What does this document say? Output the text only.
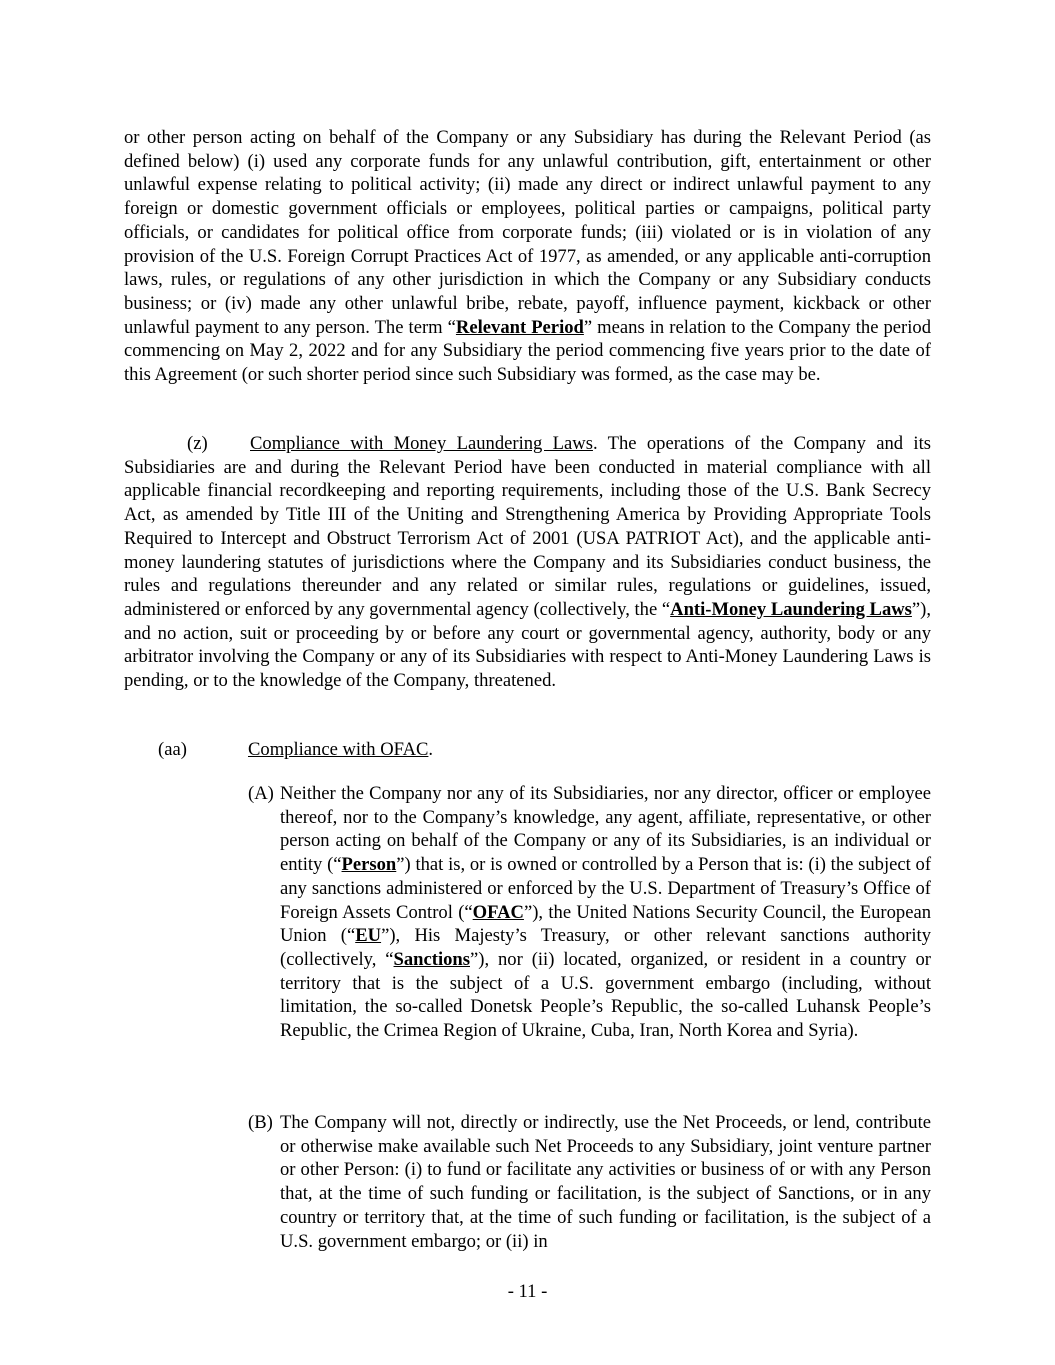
or other person acting on behalf of the Company or any Subsidiary has during the Relevant Period (as defined below) (i) used any corporate funds for any unlawful contribution, gift, entertainment or other unlawful expense relating to political activity; (ii) made any direct or indirect unlawful payment to any foreign or domestic government officials or employees, political parties or campaigns, political party officials, or candidates for political office from corporate funds; (iii) violated or is in violation of any provision of the U.S. Foreign Corrupt Practices Act of 1977, as amended, or any applicable anti-corruption laws, rules, or regulations of any other jurisdiction in which the Company or any Subsidiary conducts business; or (iv) made any other unlawful bribe, rebate, payoff, influence payment, kickback or other unlawful payment to any person. The term “Relevant Period” means in relation to the Company the period commencing on May 2, 2022 and for any Subsidiary the period commencing five years prior to the date of this Agreement (or such shorter period since such Subsidiary was formed, as the case may be.

(z) Compliance with Money Laundering Laws. The operations of the Company and its Subsidiaries are and during the Relevant Period have been conducted in material compliance with all applicable financial recordkeeping and reporting requirements, including those of the U.S. Bank Secrecy Act, as amended by Title III of the Uniting and Strengthening America by Providing Appropriate Tools Required to Intercept and Obstruct Terrorism Act of 2001 (USA PATRIOT Act), and the applicable anti-money laundering statutes of jurisdictions where the Company and its Subsidiaries conduct business, the rules and regulations thereunder and any related or similar rules, regulations or guidelines, issued, administered or enforced by any governmental agency (collectively, the “Anti-Money Laundering Laws”), and no action, suit or proceeding by or before any court or governmental agency, authority, body or any arbitrator involving the Company or any of its Subsidiaries with respect to Anti-Money Laundering Laws is pending, or to the knowledge of the Company, threatened.

(aa)	Compliance with OFAC.

(A) Neither the Company nor any of its Subsidiaries, nor any director, officer or employee thereof, nor to the Company’s knowledge, any agent, affiliate, representative, or other person acting on behalf of the Company or any of its Subsidiaries, is an individual or entity (“Person”) that is, or is owned or controlled by a Person that is: (i) the subject of any sanctions administered or enforced by the U.S. Department of Treasury’s Office of Foreign Assets Control (“OFAC”), the United Nations Security Council, the European Union (“EU”), His Majesty’s Treasury, or other relevant sanctions authority (collectively, “Sanctions”), nor (ii) located, organized, or resident in a country or territory that is the subject of a U.S. government embargo (including, without limitation, the so-called Donetsk People’s Republic, the so-called Luhansk People’s Republic, the Crimea Region of Ukraine, Cuba, Iran, North Korea and Syria).

(B) The Company will not, directly or indirectly, use the Net Proceeds, or lend, contribute or otherwise make available such Net Proceeds to any Subsidiary, joint venture partner or other Person: (i) to fund or facilitate any activities or business of or with any Person that, at the time of such funding or facilitation, is the subject of Sanctions, or in any country or territory that, at the time of such funding or facilitation, is the subject of a U.S. government embargo; or (ii) in

- 11 -
